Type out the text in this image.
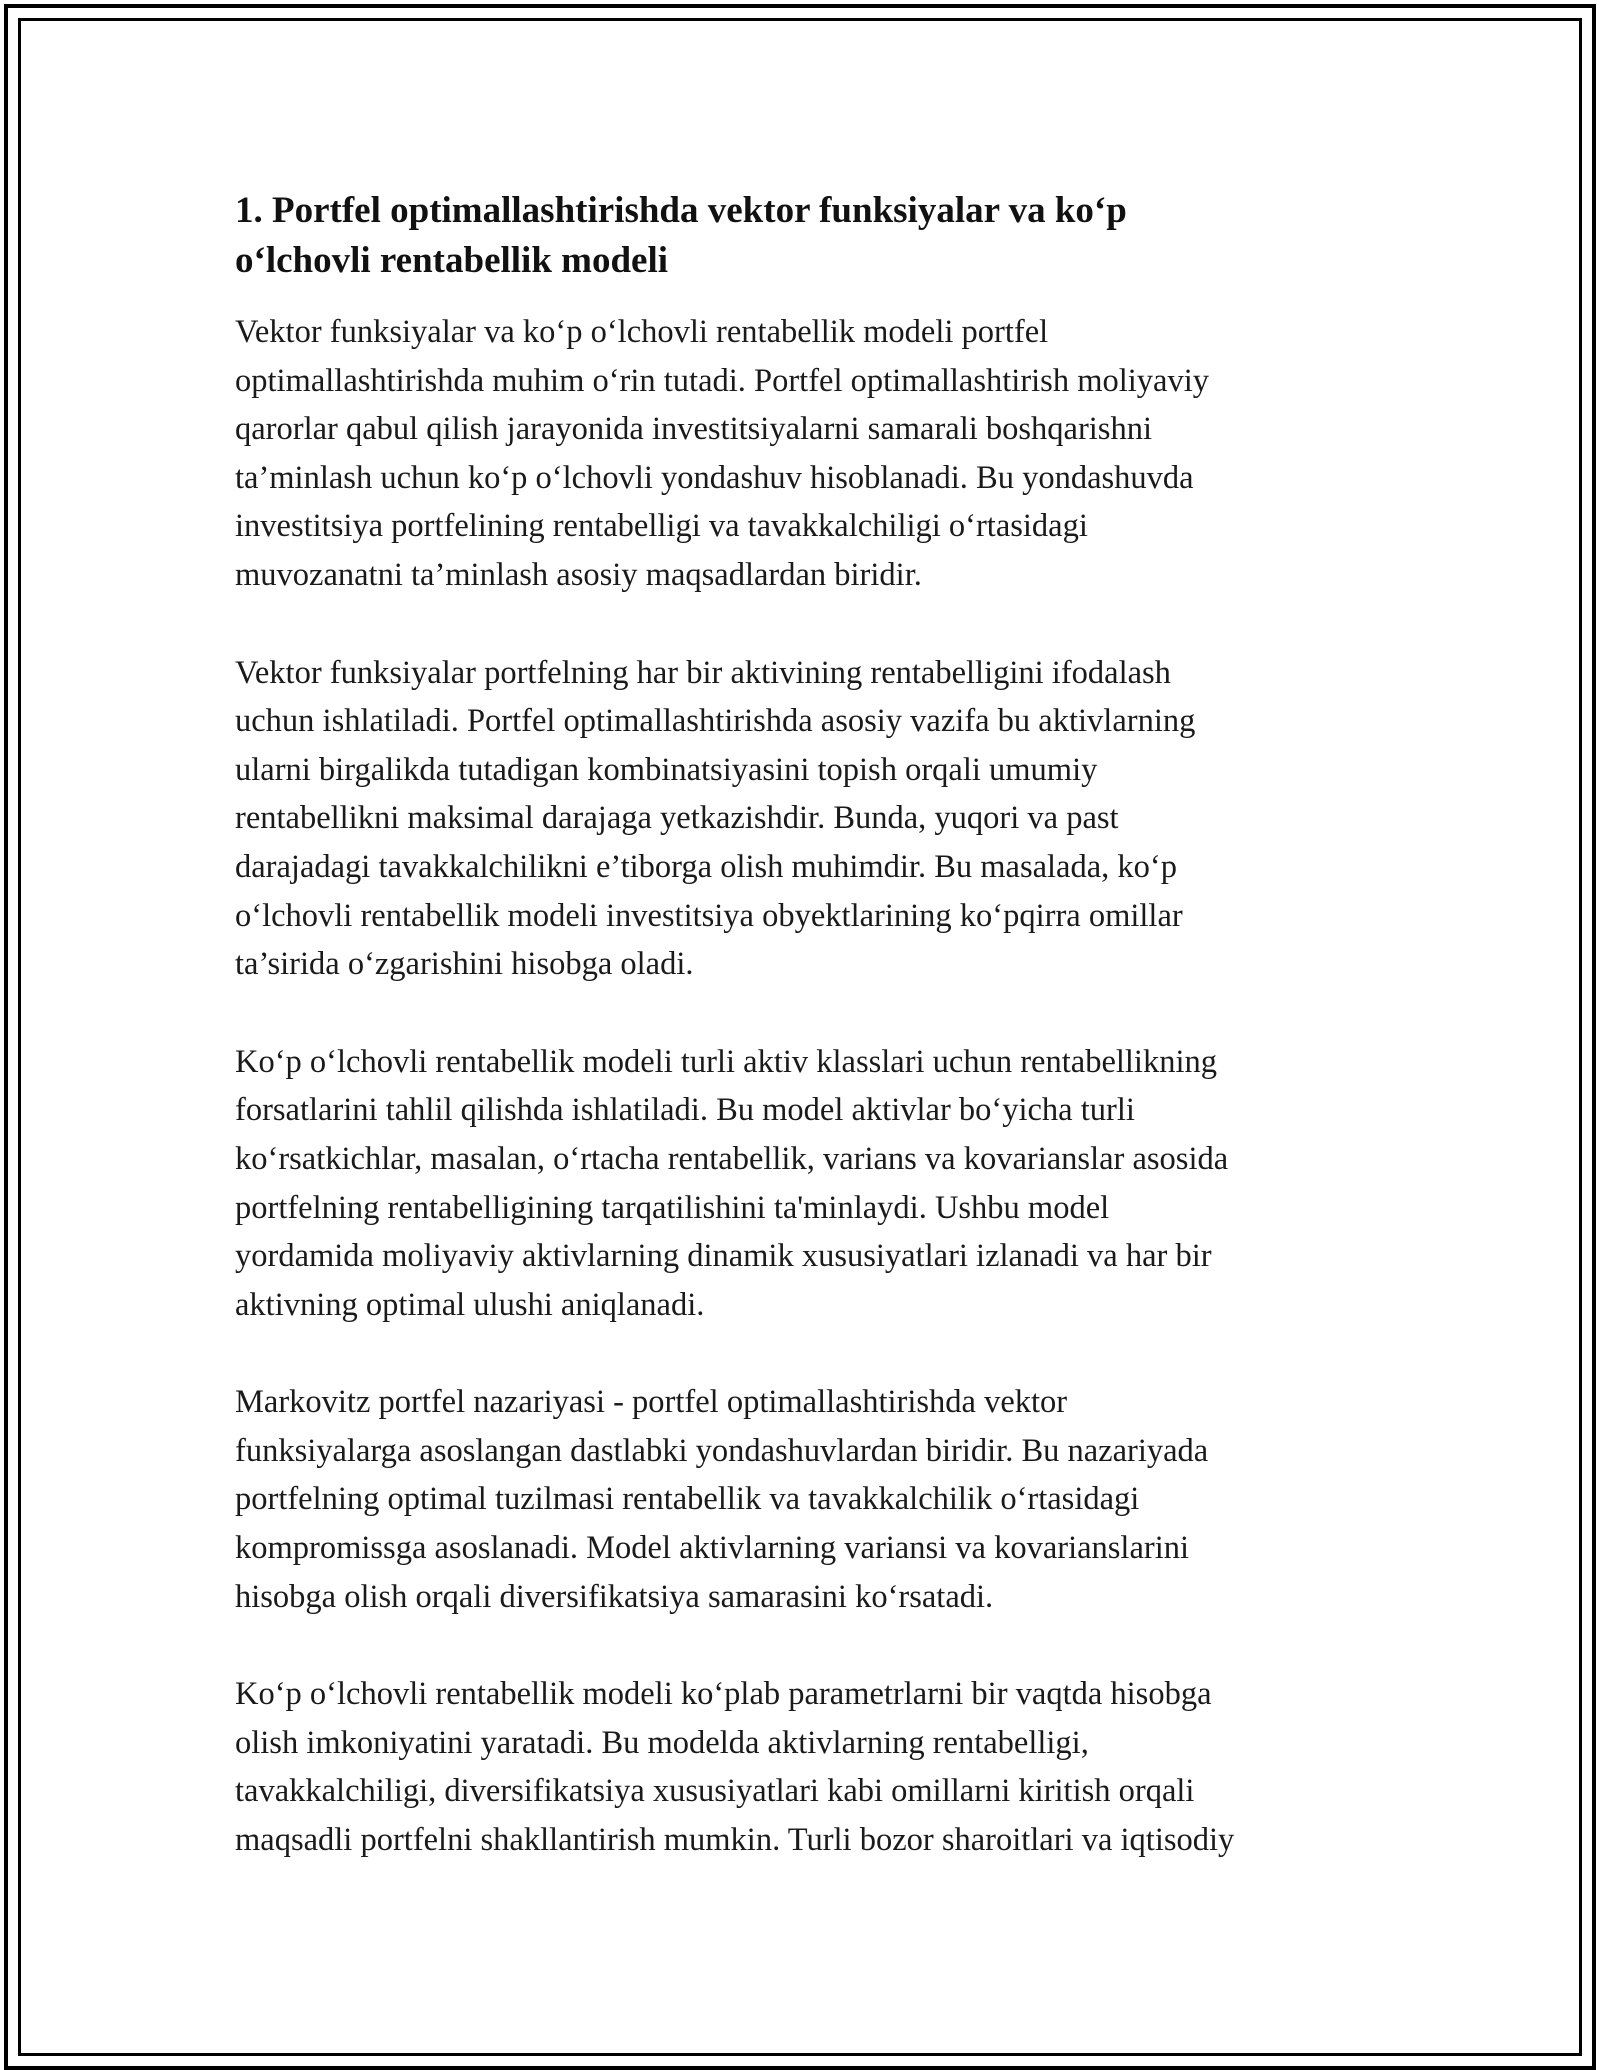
1. Portfel optimallashtirishda vektor funksiyalar va ko‘p
o‘lchovli rentabellik modeli

Vektor funksiyalar va ko‘p o‘lchovli rentabellik modeli portfel
optimallashtirishda muhim o‘rin tutadi. Portfel optimallashtirish moliyaviy
qarorlar qabul qilish jarayonida investitsiyalarni samarali boshqarishni
ta’minlash uchun ko‘p o‘lchovli yondashuv hisoblanadi. Bu yondashuvda
investitsiya portfelining rentabelligi va tavakkalchiligi o‘rtasidagi
muvozanatni ta’minlash asosiy maqsadlardan biridir.

Vektor funksiyalar portfelning har bir aktivining rentabelligini ifodalash
uchun ishlatiladi. Portfel optimallashtirishda asosiy vazifa bu aktivlarning
ularni birgalikda tutadigan kombinatsiyasini topish orqali umumiy
rentabellikni maksimal darajaga yetkazishdir. Bunda, yuqori va past
darajadagi tavakkalchilikni e’tiborga olish muhimdir. Bu masalada, ko‘p
o‘lchovli rentabellik modeli investitsiya obyektlarining ko‘pqirra omillar
ta’sirida o‘zgarishini hisobga oladi.

Ko‘p o‘lchovli rentabellik modeli turli aktiv klasslari uchun rentabellikning
forsatlarini tahlil qilishda ishlatiladi. Bu model aktivlar bo‘yicha turli
ko‘rsatkichlar, masalan, o‘rtacha rentabellik, varians va kovarianslar asosida
portfelning rentabelligining tarqatilishini ta'minlaydi. Ushbu model
yordamida moliyaviy aktivlarning dinamik xususiyatlari izlanadi va har bir
aktivning optimal ulushi aniqlanadi.

Markovitz portfel nazariyasi - portfel optimallashtirishda vektor
funksiyalarga asoslangan dastlabki yondashuvlardan biridir. Bu nazariyada
portfelning optimal tuzilmasi rentabellik va tavakkalchilik o‘rtasidagi
kompromissga asoslanadi. Model aktivlarning variansi va kovarianslarini
hisobga olish orqali diversifikatsiya samarasini ko‘rsatadi.

Ko‘p o‘lchovli rentabellik modeli ko‘plab parametrlarni bir vaqtda hisobga
olish imkoniyatini yaratadi. Bu modelda aktivlarning rentabelligi,
tavakkalchiligi, diversifikatsiya xususiyatlari kabi omillarni kiritish orqali
maqsadli portfelni shakllantirish mumkin. Turli bozor sharoitlari va iqtisodiy
